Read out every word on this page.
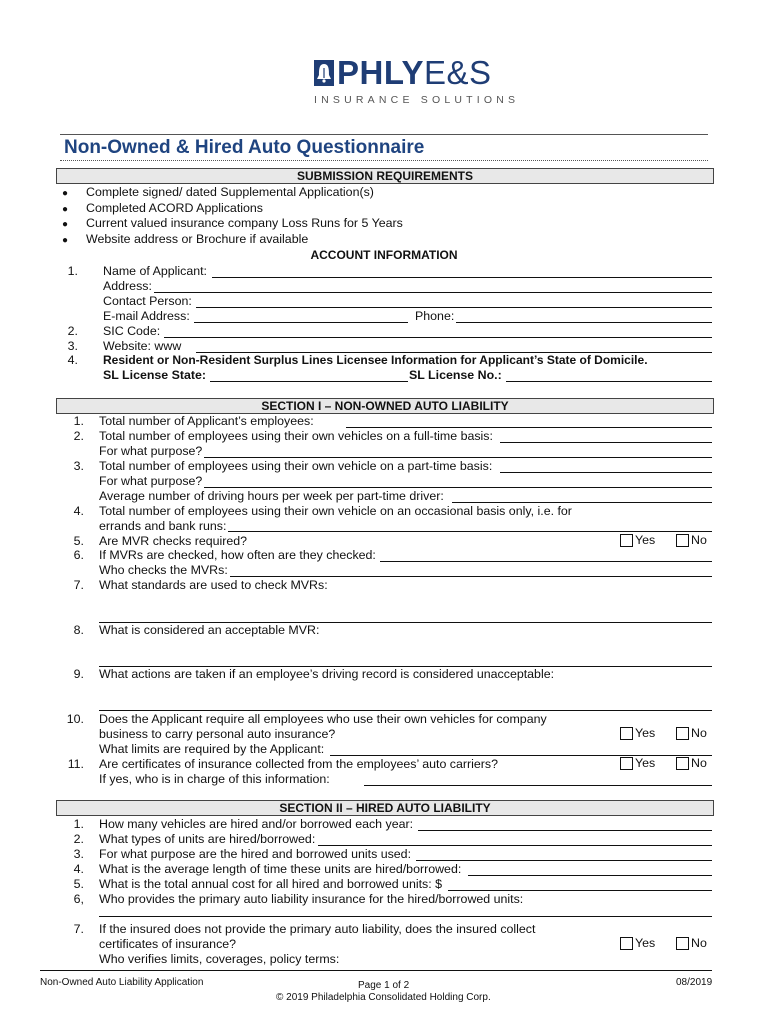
PHLY E&S
INSURANCE SOLUTIONS
Non-Owned & Hired Auto Questionnaire
SUBMISSION REQUIREMENTS
● Complete signed/ dated Supplemental Application(s)
● Completed ACORD Applications
● Current valued insurance company Loss Runs for 5 Years
● Website address or Brochure if available
ACCOUNT INFORMATION
1. Name of Applicant:
Address:
Contact Person:
E-mail Address:	Phone:
2. SIC Code:
3. Website: www
4. Resident or Non-Resident Surplus Lines Licensee Information for Applicant’s State of Domicile.
SL License State:	SL License No.:
SECTION I – NON-OWNED AUTO LIABILITY
1. Total number of Applicant’s employees:
2. Total number of employees using their own vehicles on a full-time basis:
For what purpose?
3. Total number of employees using their own vehicle on a part-time basis:
For what purpose?
Average number of driving hours per week per part-time driver:
4. Total number of employees using their own vehicle on an occasional basis only, i.e. for
errands and bank runs:
5. Are MVR checks required?	Yes	No
6. If MVRs are checked, how often are they checked:
Who checks the MVRs:
7. What standards are used to check MVRs:
8. What is considered an acceptable MVR:
9. What actions are taken if an employee’s driving record is considered unacceptable:
10. Does the Applicant require all employees who use their own vehicles for company
business to carry personal auto insurance?	Yes	No
What limits are required by the Applicant:
11. Are certificates of insurance collected from the employees’ auto carriers?	Yes	No
If yes, who is in charge of this information:
SECTION II – HIRED AUTO LIABILITY
1. How many vehicles are hired and/or borrowed each year:
2. What types of units are hired/borrowed:
3. For what purpose are the hired and borrowed units used:
4. What is the average length of time these units are hired/borrowed:
5. What is the total annual cost for all hired and borrowed units: $
6, Who provides the primary auto liability insurance for the hired/borrowed units:
7. If the insured does not provide the primary auto liability, does the insured collect
certificates of insurance?	Yes	No
Who verifies limits, coverages, policy terms:
Non-Owned Auto Liability Application	Page 1 of 2
© 2019 Philadelphia Consolidated Holding Corp.
08/2019
